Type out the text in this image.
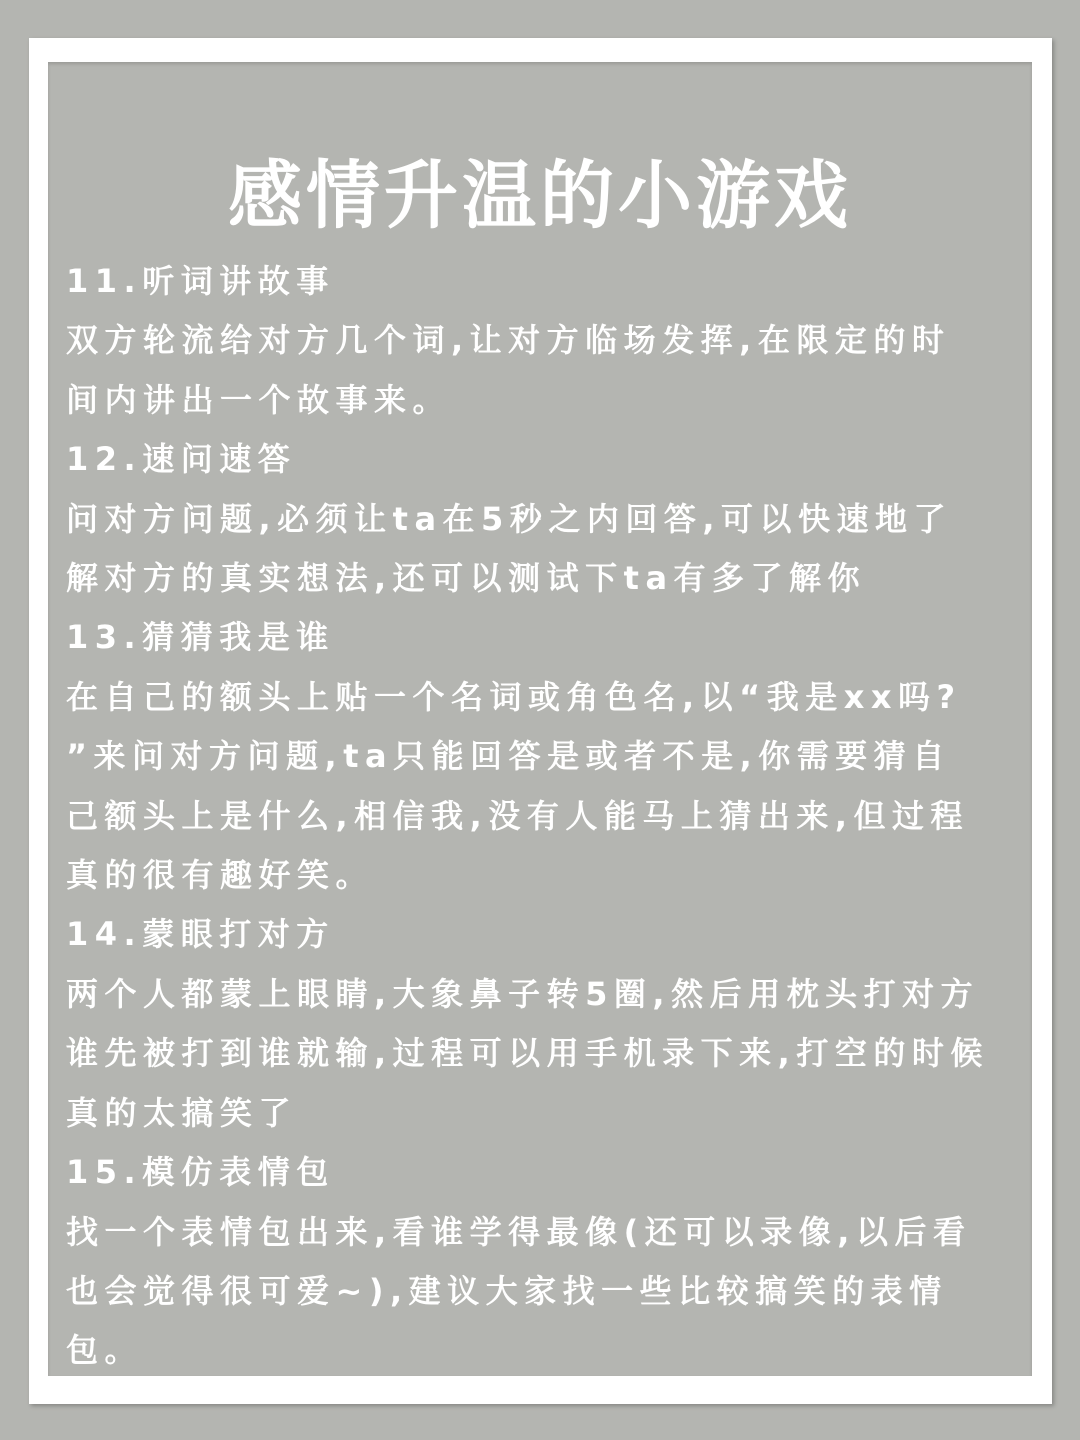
感情升温的小游戏

11.听词讲故事

双方轮流给对方几个词,让对方临场发挥,在限定的时
间内讲出一个故事来。

12.速问速答

问对方问题,必须让ta在5秒之内回答,可以快速地了
解对方的真实想法,还可以测试下ta有多了解你

13.猜猜我是谁

在自己的额头上贴一个名词或角色名,以“我是xx吗?
”来问对方问题,ta只能回答是或者不是,你需要猜自
己额头上是什么,相信我,没有人能马上猜出来,但过程
真的很有趣好笑。

14.蒙眼打对方

两个人都蒙上眼睛,大象鼻子转5圈,然后用枕头打对方
谁先被打到谁就输,过程可以用手机录下来,打空的时候
真的太搞笑了

15.模仿表情包

找一个表情包出来,看谁学得最像(还可以录像,以后看
也会觉得很可爱~),建议大家找一些比较搞笑的表情
包。
